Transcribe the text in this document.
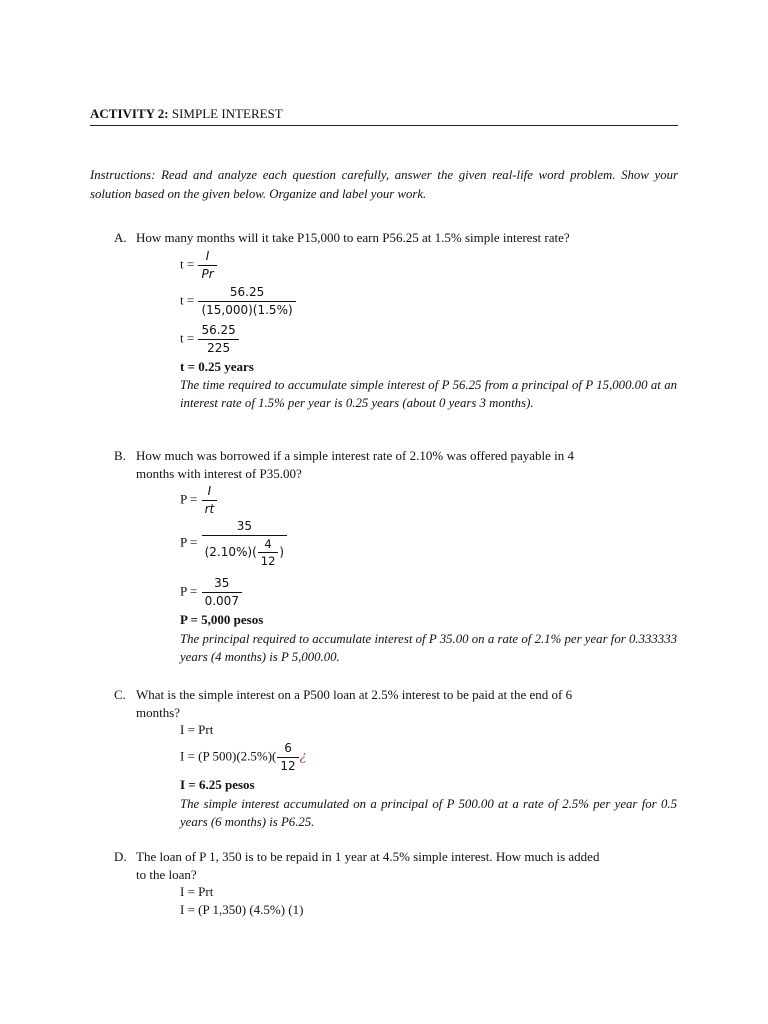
ACTIVITY 2: SIMPLE INTEREST
Instructions: Read and analyze each question carefully, answer the given real-life word problem. Show your solution based on the given below. Organize and label your work.
A. How many months will it take P15,000 to earn P56.25 at 1.5% simple interest rate?
$t = \frac{I}{Pr}$
$t = \frac{56.25}{(15,000)(1.5\%)}$
$t = \frac{56.25}{225}$
t = 0.25 years
The time required to accumulate simple interest of P 56.25 from a principal of P 15,000.00 at an interest rate of 1.5% per year is 0.25 years (about 0 years 3 months).
B. How much was borrowed if a simple interest rate of 2.10% was offered payable in 4
months with interest of P35.00?
$P = \frac{I}{rt}$
$P = \frac{35}{(2.10\%)( \frac{4}{12} )}$
$P = \frac{35}{0.007}$
P = 5,000 pesos
The principal required to accumulate interest of P 35.00 on a rate of 2.1% per year for 0.333333 years (4 months) is P 5,000.00.
C. What is the simple interest on a P500 loan at 2.5% interest to be paid at the end of 6
months?
I = Prt
I = (P $500)(2.5\%)( \frac{6}{12}$ ¿
I = 6.25 pesos
The simple interest accumulated on a principal of P 500.00 at a rate of 2.5% per year for 0.5 years (6 months) is P6.25.
D. The loan of P 1, 350 is to be repaid in 1 year at 4.5% simple interest. How much is added
to the loan?
I = Prt
I = (P 1,350) (4.5%) (1)
